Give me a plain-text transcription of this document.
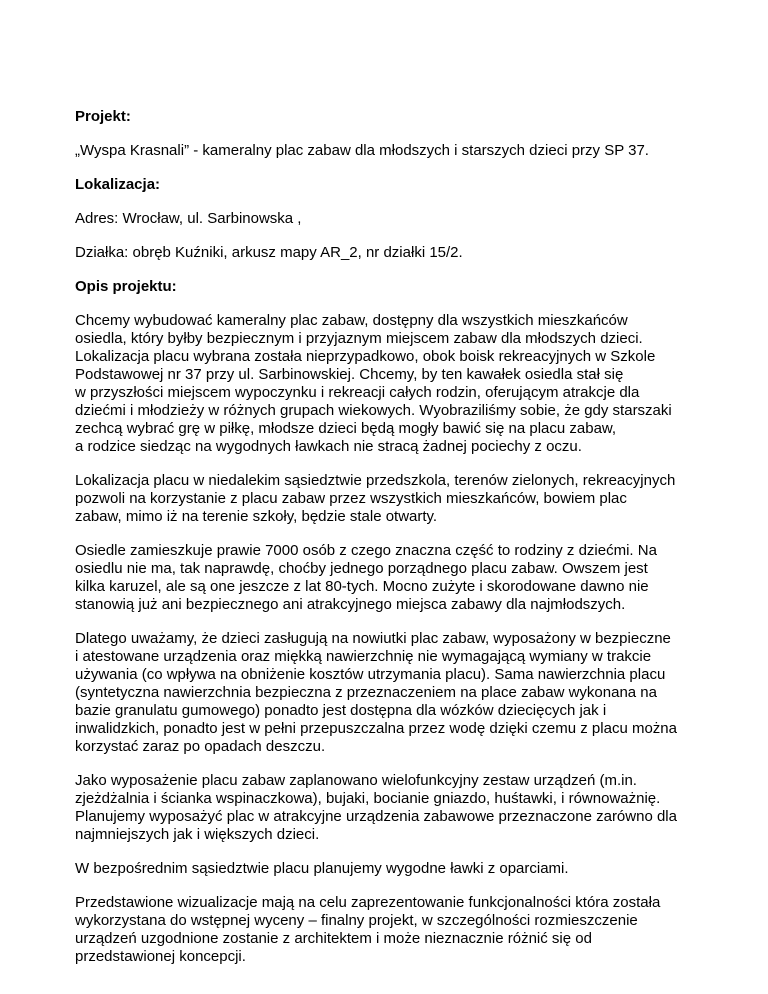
Projekt:

„Wyspa Krasnali” - kameralny plac zabaw dla młodszych i starszych dzieci przy SP 37.

Lokalizacja:

Adres: Wrocław, ul. Sarbinowska ,

Działka: obręb Kuźniki, arkusz mapy AR_2, nr działki 15/2.

Opis projektu:

Chcemy wybudować kameralny plac zabaw, dostępny dla wszystkich mieszkańców
osiedla, który byłby bezpiecznym i przyjaznym miejscem zabaw dla młodszych dzieci.
Lokalizacja placu wybrana została nieprzypadkowo, obok boisk rekreacyjnych w Szkole
Podstawowej nr 37 przy ul. Sarbinowskiej. Chcemy, by ten kawałek osiedla stał się
w przyszłości miejscem wypoczynku i rekreacji całych rodzin, oferującym atrakcje dla
dziećmi i młodzieży w różnych grupach wiekowych. Wyobraziliśmy sobie, że gdy starszaki
zechcą wybrać grę w piłkę, młodsze dzieci będą mogły bawić się na placu zabaw,
a rodzice siedząc na wygodnych ławkach nie stracą żadnej pociechy z oczu.

Lokalizacja placu w niedalekim sąsiedztwie przedszkola, terenów zielonych, rekreacyjnych
pozwoli na korzystanie z placu zabaw przez wszystkich mieszkańców, bowiem plac
zabaw, mimo iż na terenie szkoły, będzie stale otwarty.

Osiedle zamieszkuje prawie 7000 osób z czego znaczna część to rodziny z dziećmi. Na
osiedlu nie ma, tak naprawdę, choćby jednego porządnego placu zabaw. Owszem jest
kilka karuzel, ale są one jeszcze z lat 80-tych. Mocno zużyte i skorodowane dawno nie
stanowią już ani bezpiecznego ani atrakcyjnego miejsca zabawy dla najmłodszych.

Dlatego uważamy, że dzieci zasługują na nowiutki plac zabaw, wyposażony w bezpieczne
i atestowane urządzenia oraz miękką nawierzchnię nie wymagającą wymiany w trakcie
używania (co wpływa na obniżenie kosztów utrzymania placu). Sama nawierzchnia placu
(syntetyczna nawierzchnia bezpieczna z przeznaczeniem na place zabaw wykonana na
bazie granulatu gumowego) ponadto jest dostępna dla wózków dziecięcych jak i
inwalidzkich, ponadto jest w pełni przepuszczalna przez wodę dzięki czemu z placu można
korzystać zaraz po opadach deszczu.

Jako wyposażenie placu zabaw zaplanowano wielofunkcyjny zestaw urządzeń (m.in.
zjeżdżalnia i ścianka wspinaczkowa), bujaki, bocianie gniazdo, huśtawki, i równoważnię.
Planujemy wyposażyć plac w atrakcyjne urządzenia zabawowe przeznaczone zarówno dla
najmniejszych jak i większych dzieci.

W bezpośrednim sąsiedztwie placu planujemy wygodne ławki z oparciami.

Przedstawione wizualizacje mają na celu zaprezentowanie funkcjonalności która została
wykorzystana do wstępnej wyceny – finalny projekt, w szczególności rozmieszczenie
urządzeń uzgodnione zostanie z architektem i może nieznacznie różnić się od
przedstawionej koncepcji.
